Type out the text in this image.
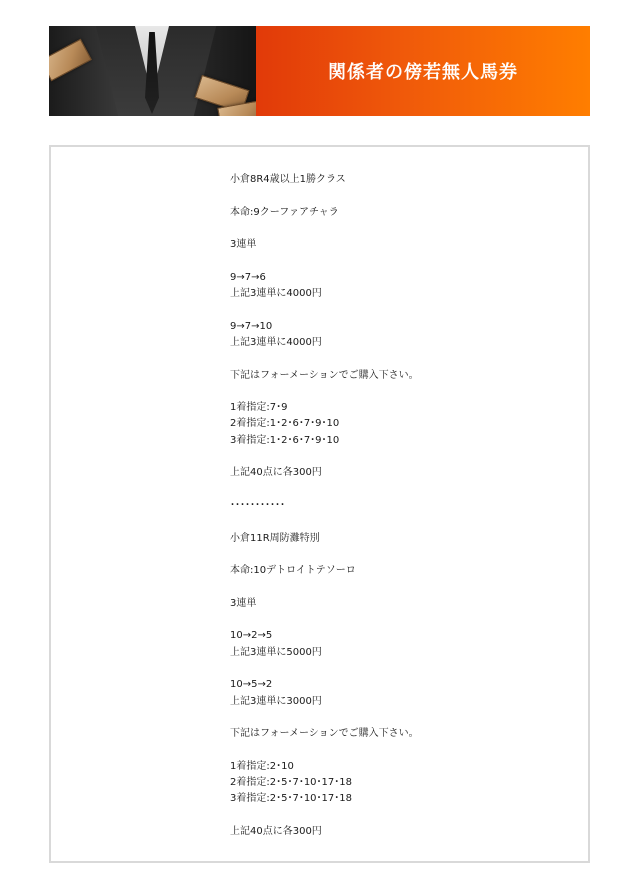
関係者の傍若無人馬券

小倉8R4歳以上1勝クラス

本命:9クーファアチャラ

3連単

9→7→6

上記3連単に4000円

9→7→10

上記3連単に4000円

下記はフォーメーションでご購入下さい。

1着指定:7･9

2着指定:1･2･6･7･9･10

3着指定:1･2･6･7･9･10

上記40点に各300円

･･･････････

小倉11R周防灘特別

本命:10デトロイトテソーロ

3連単

10→2→5

上記3連単に5000円

10→5→2

上記3連単に3000円

下記はフォーメーションでご購入下さい。

1着指定:2･10

2着指定:2･5･7･10･17･18

3着指定:2･5･7･10･17･18

上記40点に各300円
